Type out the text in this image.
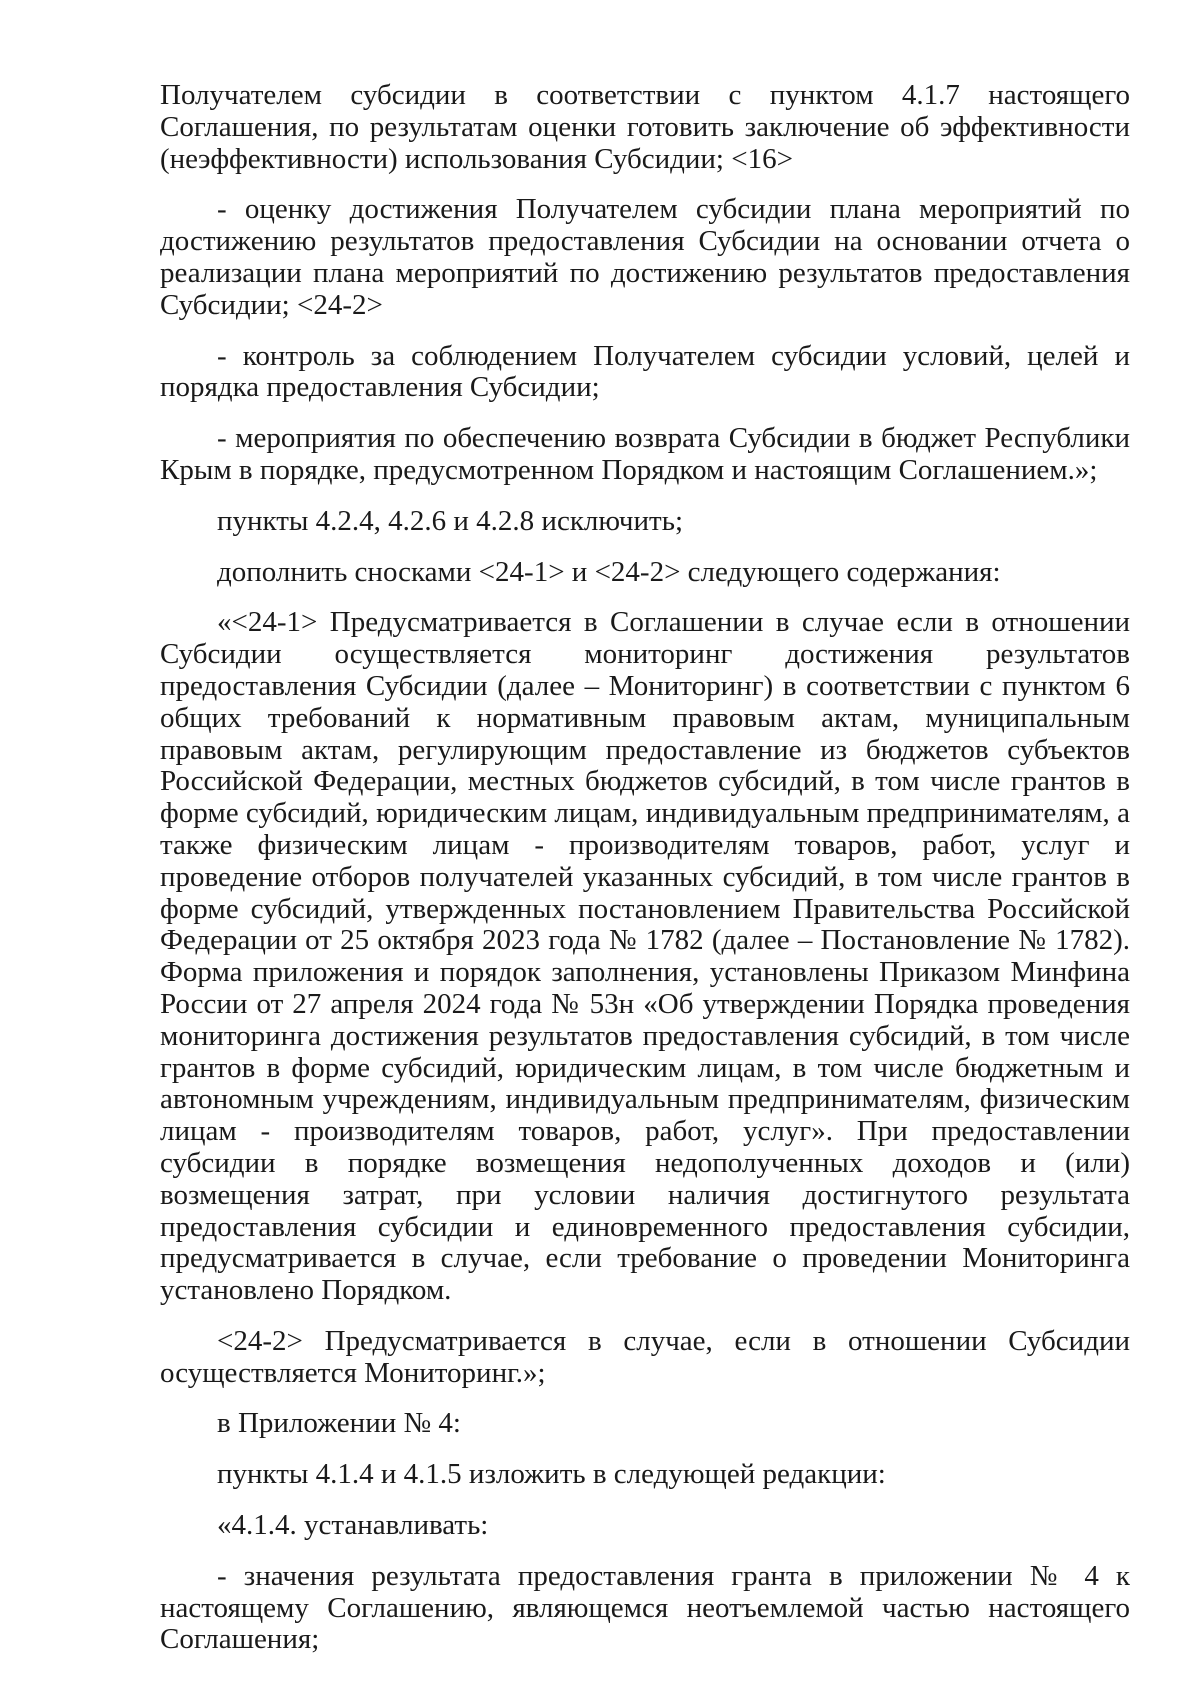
Получателем субсидии в соответствии с пунктом 4.1.7 настоящего Соглашения, по результатам оценки готовить заключение об эффективности (неэффективности) использования Субсидии; <16>

- оценку достижения Получателем субсидии плана мероприятий по достижению результатов предоставления Субсидии на основании отчета о реализации плана мероприятий по достижению результатов предоставления Субсидии; <24-2>

- контроль за соблюдением Получателем субсидии условий, целей и порядка предоставления Субсидии;

- мероприятия по обеспечению возврата Субсидии в бюджет Республики Крым в порядке, предусмотренном Порядком и настоящим Соглашением.»;

пункты 4.2.4, 4.2.6 и 4.2.8 исключить;

дополнить сносками <24-1> и <24-2> следующего содержания:

«<24-1> Предусматривается в Соглашении в случае если в отношении Субсидии осуществляется мониторинг достижения результатов предоставления Субсидии (далее – Мониторинг) в соответствии с пунктом 6 общих требований к нормативным правовым актам, муниципальным правовым актам, регулирующим предоставление из бюджетов субъектов Российской Федерации, местных бюджетов субсидий, в том числе грантов в форме субсидий, юридическим лицам, индивидуальным предпринимателям, а также физическим лицам - производителям товаров, работ, услуг и проведение отборов получателей указанных субсидий, в том числе грантов в форме субсидий, утвержденных постановлением Правительства Российской Федерации от 25 октября 2023 года № 1782 (далее – Постановление № 1782). Форма приложения и порядок заполнения, установлены Приказом Минфина России от 27 апреля 2024 года № 53н «Об утверждении Порядка проведения мониторинга достижения результатов предоставления субсидий, в том числе грантов в форме субсидий, юридическим лицам, в том числе бюджетным и автономным учреждениям, индивидуальным предпринимателям, физическим лицам - производителям товаров, работ, услуг». При предоставлении субсидии в порядке возмещения недополученных доходов и (или) возмещения затрат, при условии наличия достигнутого результата предоставления субсидии и единовременного предоставления субсидии, предусматривается в случае, если требование о проведении Мониторинга установлено Порядком.

<24-2> Предусматривается в случае, если в отношении Субсидии осуществляется Мониторинг.»;

в Приложении № 4:

пункты 4.1.4 и 4.1.5 изложить в следующей редакции:

«4.1.4. устанавливать:

- значения результата предоставления гранта в приложении № 4 к настоящему Соглашению, являющемся неотъемлемой частью настоящего Соглашения;
